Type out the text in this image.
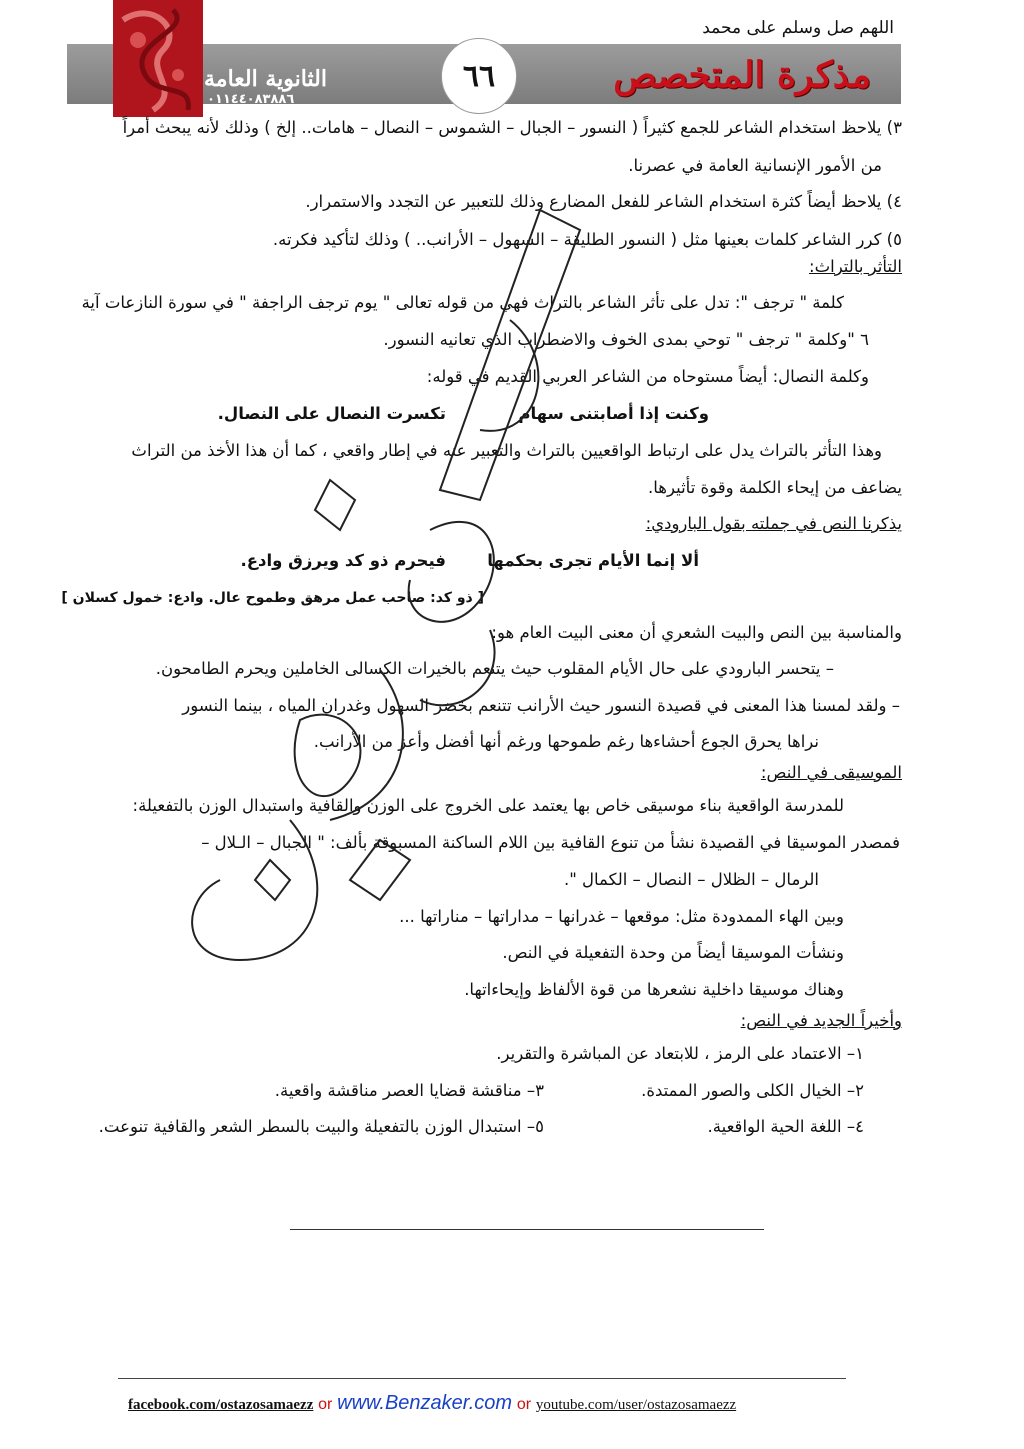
اللهم صل وسلم على محمد
مذكرة المتخصص
الثانوية العامة
٠١١٤٤٠٨٣٨٨٦
٦٦
٣) يلاحظ استخدام الشاعر للجمع كثيراً ( النسور – الجبال – الشموس – النصال – هامات.. إلخ ) وذلك لأنه يبحث أمراً
من الأمور الإنسانية العامة في عصرنا.
٤) يلاحظ أيضاً كثرة استخدام الشاعر للفعل المضارع وذلك للتعبير عن التجدد والاستمرار.
٥) كرر الشاعر كلمات بعينها مثل ( النسور الطليقة – السهول – الأرانب.. ) وذلك لتأكيد فكرته.
التأثر بالتراث:
كلمة " ترجف ": تدل على تأثر الشاعر بالتراث فهي من قوله تعالى " يوم ترجف الراجفة " في سورة النازعات آية
٦ "وكلمة " ترجف " توحي بمدى الخوف والاضطراب الذي تعانيه النسور.
وكلمة النصال: أيضاً مستوحاه من الشاعر العربي القديم في قوله:
وكنت إذا أصابتنى سهام
تكسرت النصال على النصال.
وهذا التأثر بالتراث يدل على ارتباط الواقعيين بالتراث والتعبير عنه في إطار واقعي ، كما أن هذا الأخذ من التراث
يضاعف من إيحاء الكلمة وقوة تأثيرها.
يذكرنا النص في جملته بقول البارودي:
ألا إنما الأيام تجرى بحكمها
فيحرم ذو كد ويرزق وادع.
[ ذو كد: صاحب عمل مرهق وطموح عال. وادع: خمول كسلان ]
والمناسبة بين النص والبيت الشعري أن معنى البيت العام هو:
– يتحسر البارودي على حال الأيام المقلوب حيث يتنعم بالخيرات الكسالى الخاملين ويحرم الطامحون.
– ولقد لمسنا هذا المعنى في قصيدة النسور حيث الأرانب تتنعم بخضر السهول وغدران المياه ، بينما النسور
نراها يحرق الجوع أحشاءها رغم طموحها ورغم أنها أفضل وأعز من الأرانب.
الموسيقى في النص:
للمدرسة الواقعية بناء موسيقى خاص بها يعتمد على الخروج على الوزن والقافية واستبدال الوزن بالتفعيلة:
فمصدر الموسيقا في القصيدة نشأ من تنوع القافية بين اللام الساكنة المسبوقة بألف: " الجبال – الـلال –
الرمال – الظلال – النصال – الكمال ".
وبين الهاء الممدودة مثل: موقعها – غدرانها – مداراتها – مناراتها ...
ونشأت الموسيقا أيضاً من وحدة التفعيلة في النص.
وهناك موسيقا داخلية نشعرها من قوة الألفاظ وإيحاءاتها.
وأخيراً الجديد في النص:
١– الاعتماد على الرمز ، للابتعاد عن المباشرة والتقرير.
٢– الخيال الكلى والصور الممتدة.
٣– مناقشة قضايا العصر مناقشة واقعية.
٤– اللغة الحية الواقعية.
٥– استبدال الوزن بالتفعيلة والبيت بالسطر الشعر والقافية تنوعت.
facebook.com/ostazosamaezz or www.Benzaker.com or youtube.com/user/ostazosamaezz
